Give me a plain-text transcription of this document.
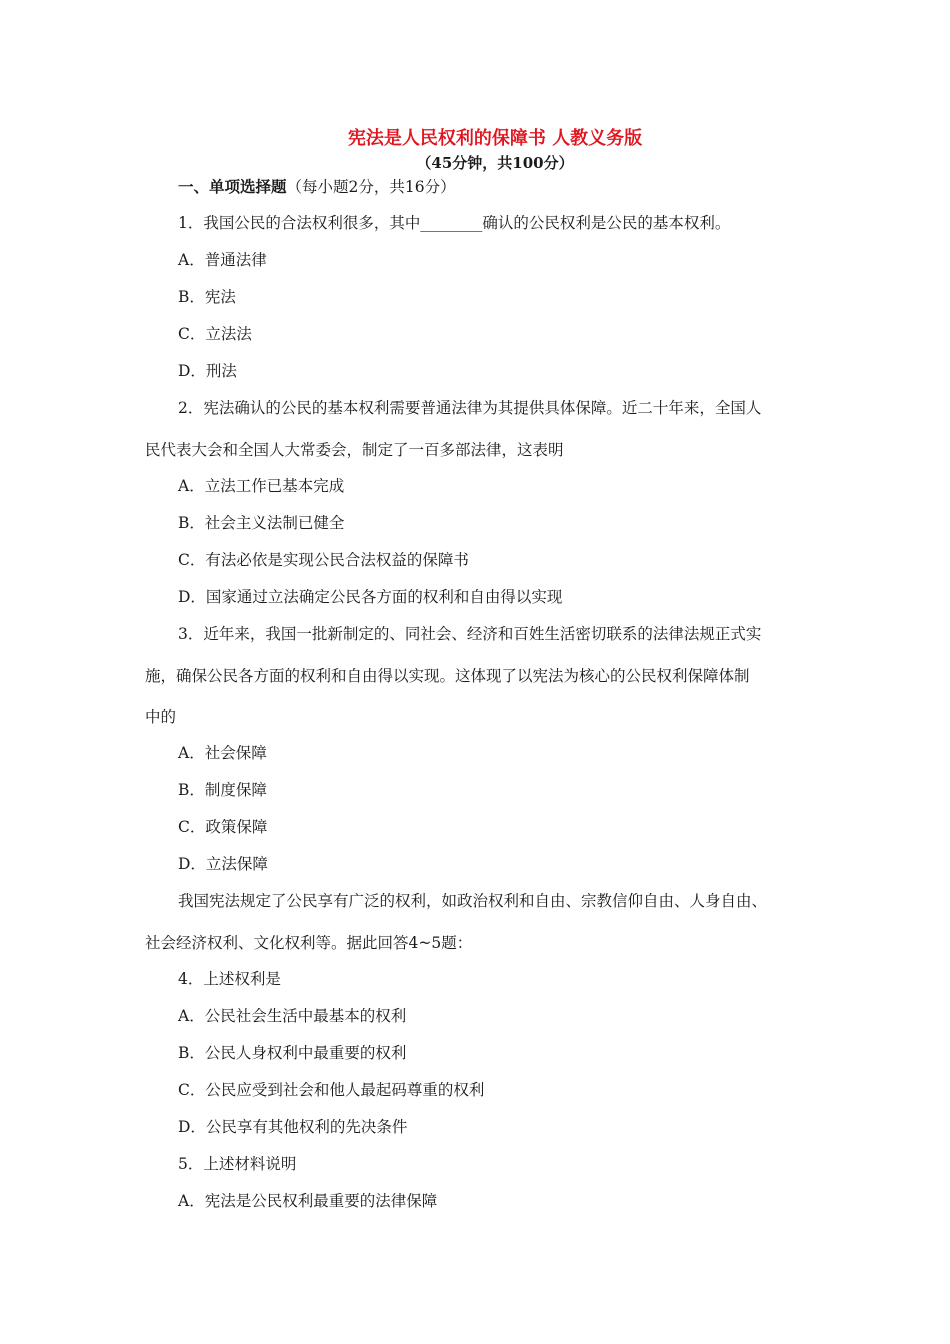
宪法是人民权利的保障书 人教义务版
（45分钟，共100分）
一、单项选择题（每小题2分，共16分）
1．我国公民的合法权利很多，其中________确认的公民权利是公民的基本权利。
A．普通法律
B．宪法
C．立法法
D．刑法
2．宪法确认的公民的基本权利需要普通法律为其提供具体保障。近二十年来，全国人
民代表大会和全国人大常委会，制定了一百多部法律，这表明
A．立法工作已基本完成
B．社会主义法制已健全
C．有法必依是实现公民合法权益的保障书
D．国家通过立法确定公民各方面的权利和自由得以实现
3．近年来，我国一批新制定的、同社会、经济和百姓生活密切联系的法律法规正式实
施，确保公民各方面的权利和自由得以实现。这体现了以宪法为核心的公民权利保障体制
中的
A．社会保障
B．制度保障
C．政策保障
D．立法保障
我国宪法规定了公民享有广泛的权利，如政治权利和自由、宗教信仰自由、人身自由、
社会经济权利、文化权利等。据此回答4~5题：
4．上述权利是
A．公民社会生活中最基本的权利
B．公民人身权利中最重要的权利
C．公民应受到社会和他人最起码尊重的权利
D．公民享有其他权利的先决条件
5．上述材料说明
A．宪法是公民权利最重要的法律保障
